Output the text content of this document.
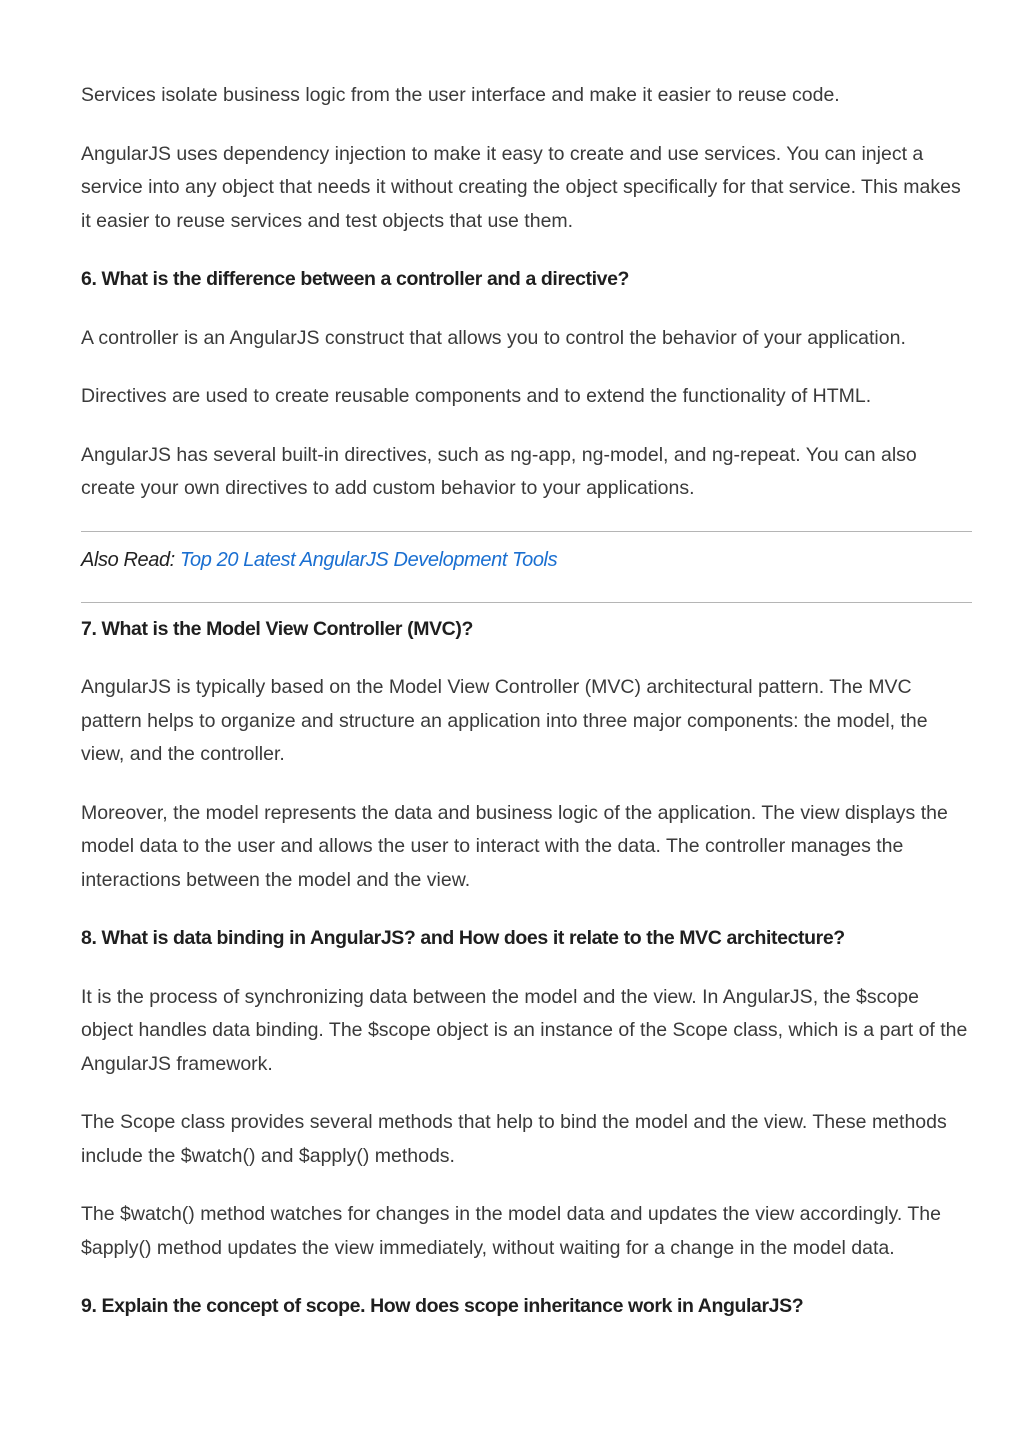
Services isolate business logic from the user interface and make it easier to reuse code.

AngularJS uses dependency injection to make it easy to create and use services. You can inject a service into any object that needs it without creating the object specifically for that service. This makes it easier to reuse services and test objects that use them.

6. What is the difference between a controller and a directive?

A controller is an AngularJS construct that allows you to control the behavior of your application.

Directives are used to create reusable components and to extend the functionality of HTML.

AngularJS has several built-in directives, such as ng-app, ng-model, and ng-repeat. You can also create your own directives to add custom behavior to your applications.

Also Read: Top 20 Latest AngularJS Development Tools
7. What is the Model View Controller (MVC)?

AngularJS is typically based on the Model View Controller (MVC) architectural pattern. The MVC pattern helps to organize and structure an application into three major components: the model, the view, and the controller.

Moreover, the model represents the data and business logic of the application. The view displays the model data to the user and allows the user to interact with the data. The controller manages the interactions between the model and the view.

8. What is data binding in AngularJS? and How does it relate to the MVC architecture?

It is the process of synchronizing data between the model and the view. In AngularJS, the $scope object handles data binding. The $scope object is an instance of the Scope class, which is a part of the AngularJS framework.

The Scope class provides several methods that help to bind the model and the view. These methods include the $watch() and $apply() methods.

The $watch() method watches for changes in the model data and updates the view accordingly. The $apply() method updates the view immediately, without waiting for a change in the model data.

9. Explain the concept of scope. How does scope inheritance work in AngularJS?
